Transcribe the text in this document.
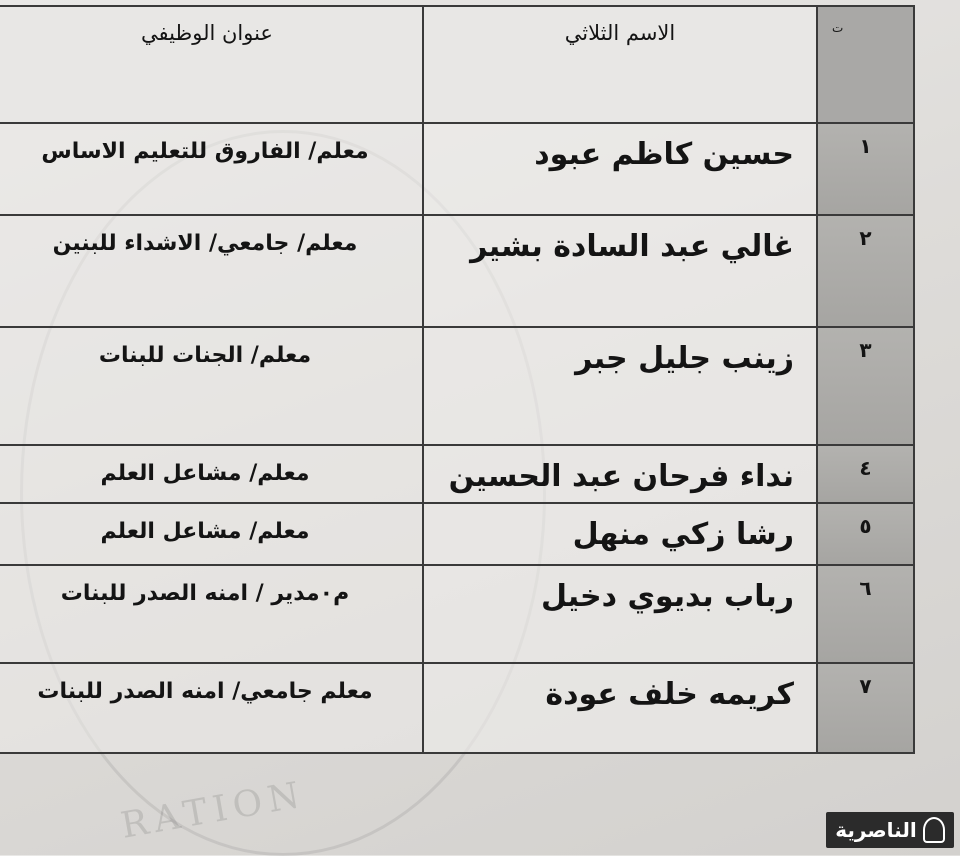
RATION
ت	الاسم الثلاثي	عنوان الوظيفي
١	حسين كاظم عبود	معلم/ الفاروق للتعليم الاساس
٢	غالي عبد السادة بشير	معلم/ جامعي/ الاشداء للبنين
٣	زينب جليل جبر	معلم/ الجنات للبنات
٤	نداء فرحان عبد الحسين	معلم/ مشاعل العلم
٥	رشا زكي منهل	معلم/ مشاعل العلم
٦	رباب بديوي دخيل	م٠مدير / امنه الصدر للبنات
٧	كريمه خلف عودة	معلم جامعي/ امنه الصدر للبنات
الناصرية
